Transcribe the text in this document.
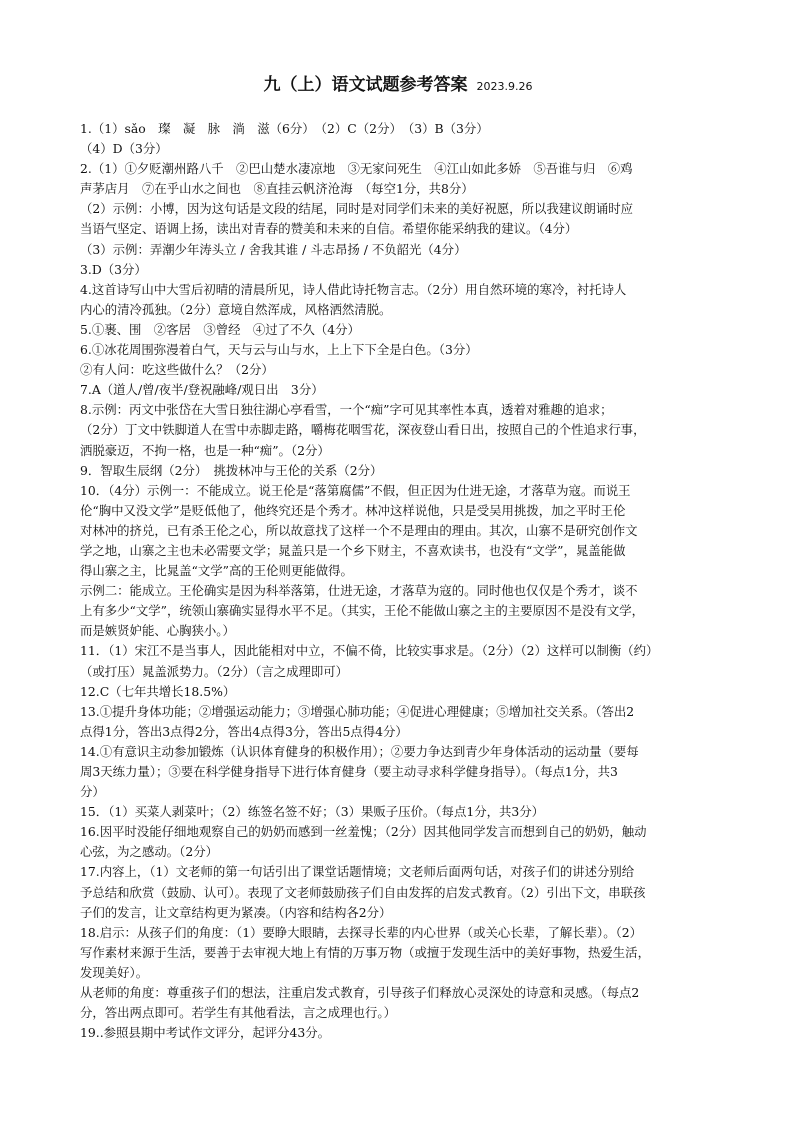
九（上）语文试题参考答案 2023.9.26
1.（1）sǎo　璨　凝　脉　淌　滋（6分）　（2）C（2分）　（3）B（3分）
（4）D（3分）
2.（1）①夕贬潮州路八千　②巴山楚水凄凉地　③无家问死生　④江山如此多娇　⑤吾谁与归　⑥鸡
声茅店月　⑦在乎山水之间也　⑧直挂云帆济沧海　（每空1分，共8分）
（2）示例：小博，因为这句话是文段的结尾，同时是对同学们未来的美好祝愿，所以我建议朗诵时应
当语气坚定、语调上扬，读出对青春的赞美和未来的自信。希望你能采纳我的建议。（4分）
（3）示例：弄潮少年涛头立 / 舍我其谁 / 斗志昂扬 / 不负韶光（4分）
3.D（3分）
4.这首诗写山中大雪后初晴的清晨所见，诗人借此诗托物言志。（2分）用自然环境的寒冷，衬托诗人
内心的清冷孤独。（2分）意境自然浑成，风格洒然清脱。
5.①裹、围　②客居　③曾经　④过了不久（4分）
6.①冰花周围弥漫着白气，天与云与山与水，上上下下全是白色。（3分）
②有人问：吃这些做什么？（2分）
7.A（道人/曾/夜半/登祝融峰/观日出　3分）
8.示例：丙文中张岱在大雪日独往湖心亭看雪，一个“痴”字可见其率性本真，透着对雅趣的追求；
（2分）丁文中铁脚道人在雪中赤脚走路，嚼梅花咽雪花，深夜登山看日出，按照自己的个性追求行事，
洒脱豪迈，不拘一格，也是一种“痴”。（2分）
9．智取生辰纲（2分）　挑拨林冲与王伦的关系（2分）
10．（4分）示例一：不能成立。说王伦是“落第腐儒”不假，但正因为仕进无途，才落草为寇。而说王
伦“胸中又没文学”是贬低他了，他终究还是个秀才。林冲这样说他，只是受吴用挑拨，加之平时王伦
对林冲的挤兑，已有杀王伦之心，所以故意找了这样一个不是理由的理由。其次，山寨不是研究创作文
学之地，山寨之主也未必需要文学；晁盖只是一个乡下财主，不喜欢读书，也没有“文学”，晁盖能做
得山寨之主，比晁盖“文学”高的王伦则更能做得。
示例二：能成立。王伦确实是因为科举落第，仕进无途，才落草为寇的。同时他也仅仅是个秀才，谈不
上有多少“文学”，统领山寨确实显得水平不足。（其实，王伦不能做山寨之主的主要原因不是没有文学，
而是嫉贤妒能、心胸狭小。）
11．（1）宋江不是当事人，因此能相对中立，不偏不倚，比较实事求是。（2分）（2）这样可以制衡（约）
（或打压）晁盖派势力。（2分）（言之成理即可）
12.C（七年共增长18.5%）
13.①提升身体功能；②增强运动能力；③增强心肺功能；④促进心理健康；⑤增加社交关系。（答出2
点得1分，答出3点得2分，答出4点得3分，答出5点得4分）
14.①有意识主动参加锻炼（认识体育健身的积极作用）；②要力争达到青少年身体活动的运动量（要每
周3天练力量）；③要在科学健身指导下进行体育健身（要主动寻求科学健身指导）。（每点1分，共3
分）
15．（1）买菜人剥菜叶；（2）练签名签不好；（3）果贩子压价。（每点1分，共3分）
16.因平时没能仔细地观察自己的奶奶而感到一丝羞愧；（2分）因其他同学发言而想到自己的奶奶，触动
心弦，为之感动。（2分）
17.内容上，（1）文老师的第一句话引出了课堂话题情境；文老师后面两句话，对孩子们的讲述分别给
予总结和欣赏（鼓励、认可）。表现了文老师鼓励孩子们自由发挥的启发式教育。（2）引出下文，串联孩
子们的发言，让文章结构更为紧凑。（内容和结构各2分）
18.启示：从孩子们的角度：（1）要睁大眼睛，去探寻长辈的内心世界（或关心长辈，了解长辈）。（2）
写作素材来源于生活，要善于去审视大地上有情的万事万物（或擅于发现生活中的美好事物，热爱生活，
发现美好）。
从老师的角度：尊重孩子们的想法，注重启发式教育，引导孩子们释放心灵深处的诗意和灵感。（每点2
分，答出两点即可。若学生有其他看法，言之成理也行。）
19..参照县期中考试作文评分，起评分43分。
